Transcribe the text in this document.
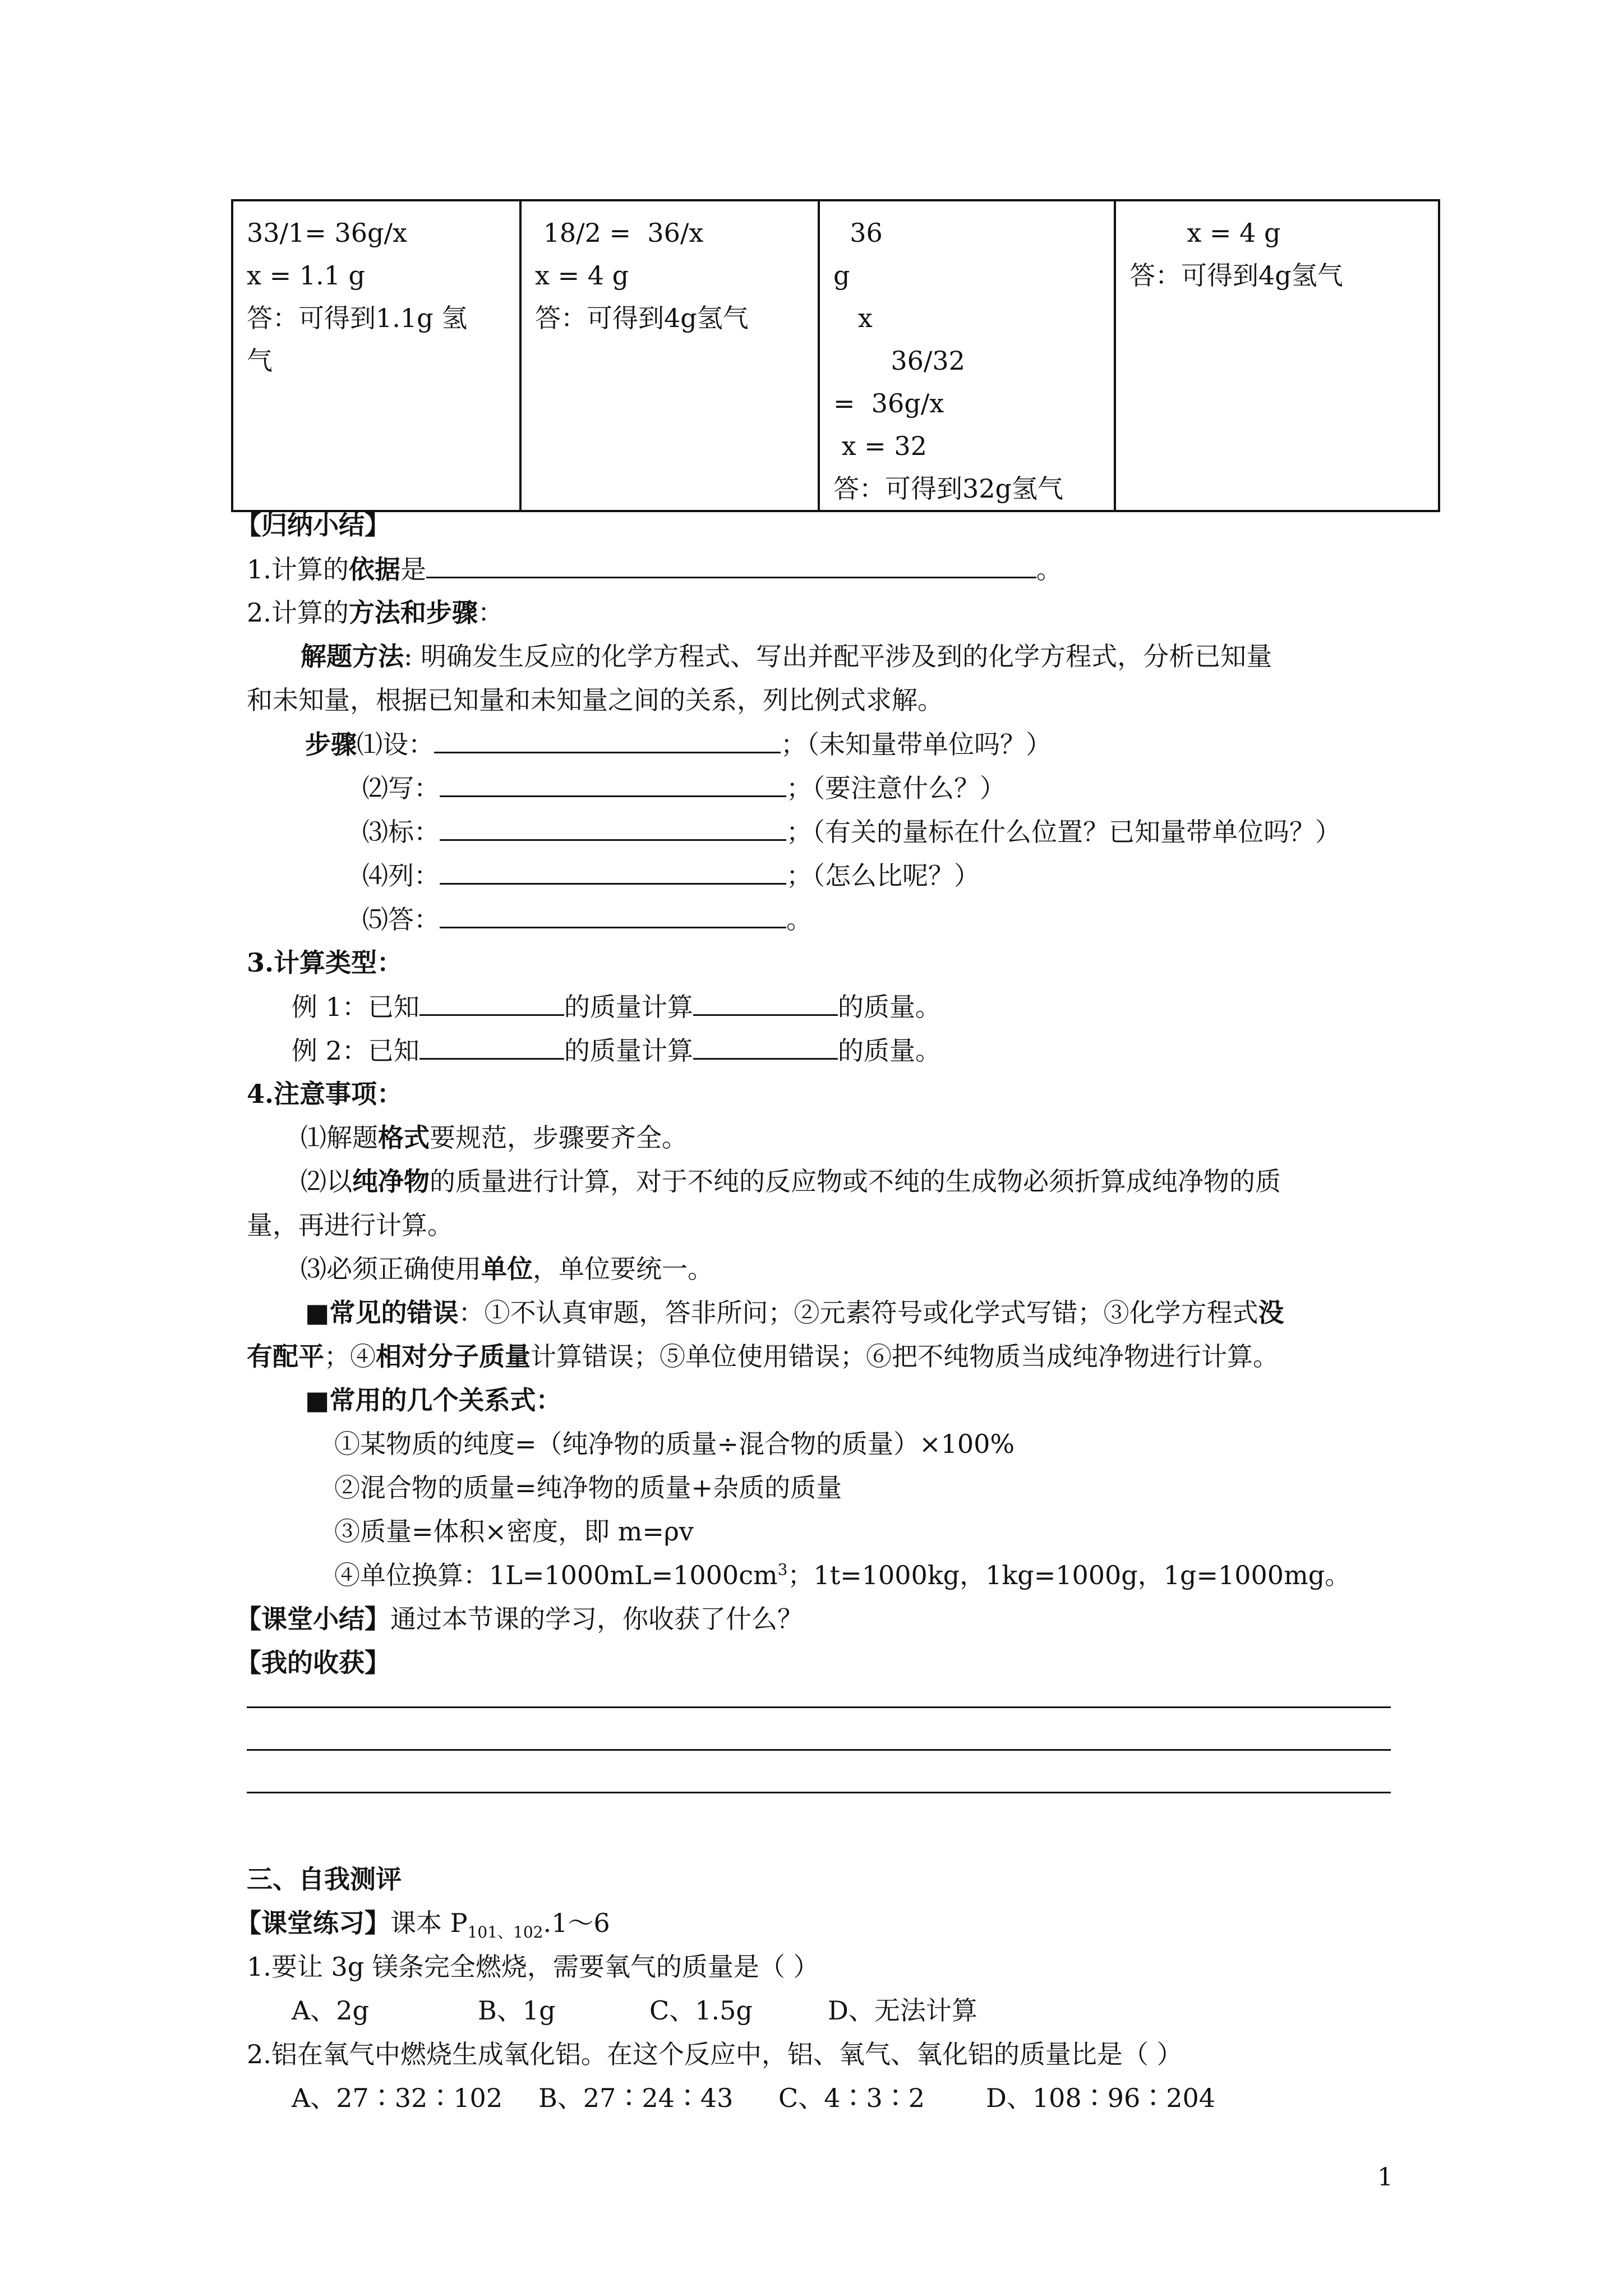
33/1= 36g/x
x = 1.1 g
答：可得到1.1g 氢
气

18/2 =  36/x
x = 4 g
答：可得到4g氢气

36
g
x
36/32
=  36g/x
x = 32
答：可得到32g氢气

x = 4 g
答：可得到4g氢气
【归纳小结】
1.计算的依据是	。
2.计算的方法和步骤：
解题方法: 明确发生反应的化学方程式、写出并配平涉及到的化学方程式，分析已知量
和未知量，根据已知量和未知量之间的关系，列比例式求解。
步骤⑴设：	；（未知量带单位吗？）
⑵写：	；（要注意什么？）
⑶标：	；（有关的量标在什么位置？已知量带单位吗？）
⑷列：	；（怎么比呢？）
⑸答：	。
3.计算类型：
例 1：已知	的质量计算	的质量。
例 2：已知	的质量计算	的质量。
4.注意事项：
⑴解题格式要规范，步骤要齐全。
⑵以纯净物的质量进行计算，对于不纯的反应物或不纯的生成物必须折算成纯净物的质
量，再进行计算。
⑶必须正确使用单位，单位要统一。
■常见的错误：①不认真审题，答非所问；②元素符号或化学式写错；③化学方程式没
有配平；④相对分子质量计算错误；⑤单位使用错误；⑥把不纯物质当成纯净物进行计算。
■常用的几个关系式：
①某物质的纯度=（纯净物的质量÷混合物的质量）×100%
②混合物的质量=纯净物的质量+杂质的质量
③质量=体积×密度，即 m=ρv
④单位换算：$1L=1000mL=1000cm^3$；1t=1000kg，1kg=1000g，1g=1000mg。
【课堂小结】通过本节课的学习，你收获了什么？
【我的收获】
三、自我测评
【课堂练习】课本 $P_{101、102}.1\sim 6$
1.要让 3g 镁条完全燃烧，需要氧气的质量是（ ）
A、2g	B、1g	C、1.5g	D、无法计算
2.铝在氧气中燃烧生成氧化铝。在这个反应中，铝、氧气、氧化铝的质量比是（ ）
A、27∶32∶102 B、27∶24∶43 C、4∶3∶2 D、108∶96∶204
1
